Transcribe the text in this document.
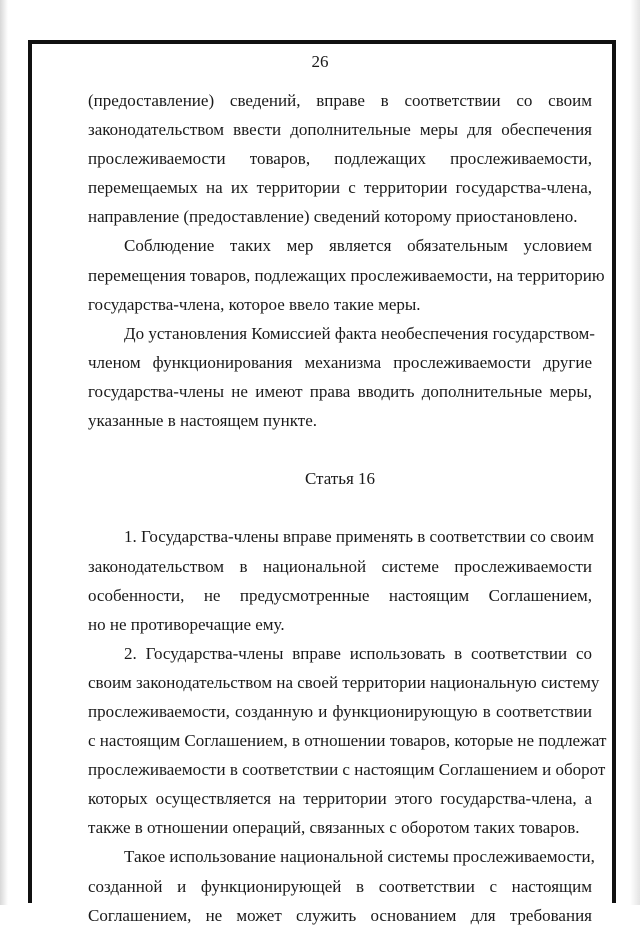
26
(предоставление) сведений, вправе в соответствии со своим
законодательством ввести дополнительные меры для обеспечения
прослеживаемости товаров, подлежащих прослеживаемости,
перемещаемых на их территории с территории государства-члена,
направление (предоставление) сведений которому приостановлено.
Соблюдение таких мер является обязательным условием
перемещения товаров, подлежащих прослеживаемости, на территорию
государства-члена, которое ввело такие меры.
До установления Комиссией факта необеспечения государством-
членом функционирования механизма прослеживаемости другие
государства-члены не имеют права вводить дополнительные меры,
указанные в настоящем пункте.
Статья 16
1. Государства-члены вправе применять в соответствии со своим
законодательством в национальной системе прослеживаемости
особенности, не предусмотренные настоящим Соглашением,
но не противоречащие ему.
2. Государства-члены вправе использовать в соответствии со
своим законодательством на своей территории национальную систему
прослеживаемости, созданную и функционирующую в соответствии
с настоящим Соглашением, в отношении товаров, которые не подлежат
прослеживаемости в соответствии с настоящим Соглашением и оборот
которых осуществляется на территории этого государства-члена, а
также в отношении операций, связанных с оборотом таких товаров.
Такое использование национальной системы прослеживаемости,
созданной и функционирующей в соответствии с настоящим
Соглашением, не может служить основанием для требования
